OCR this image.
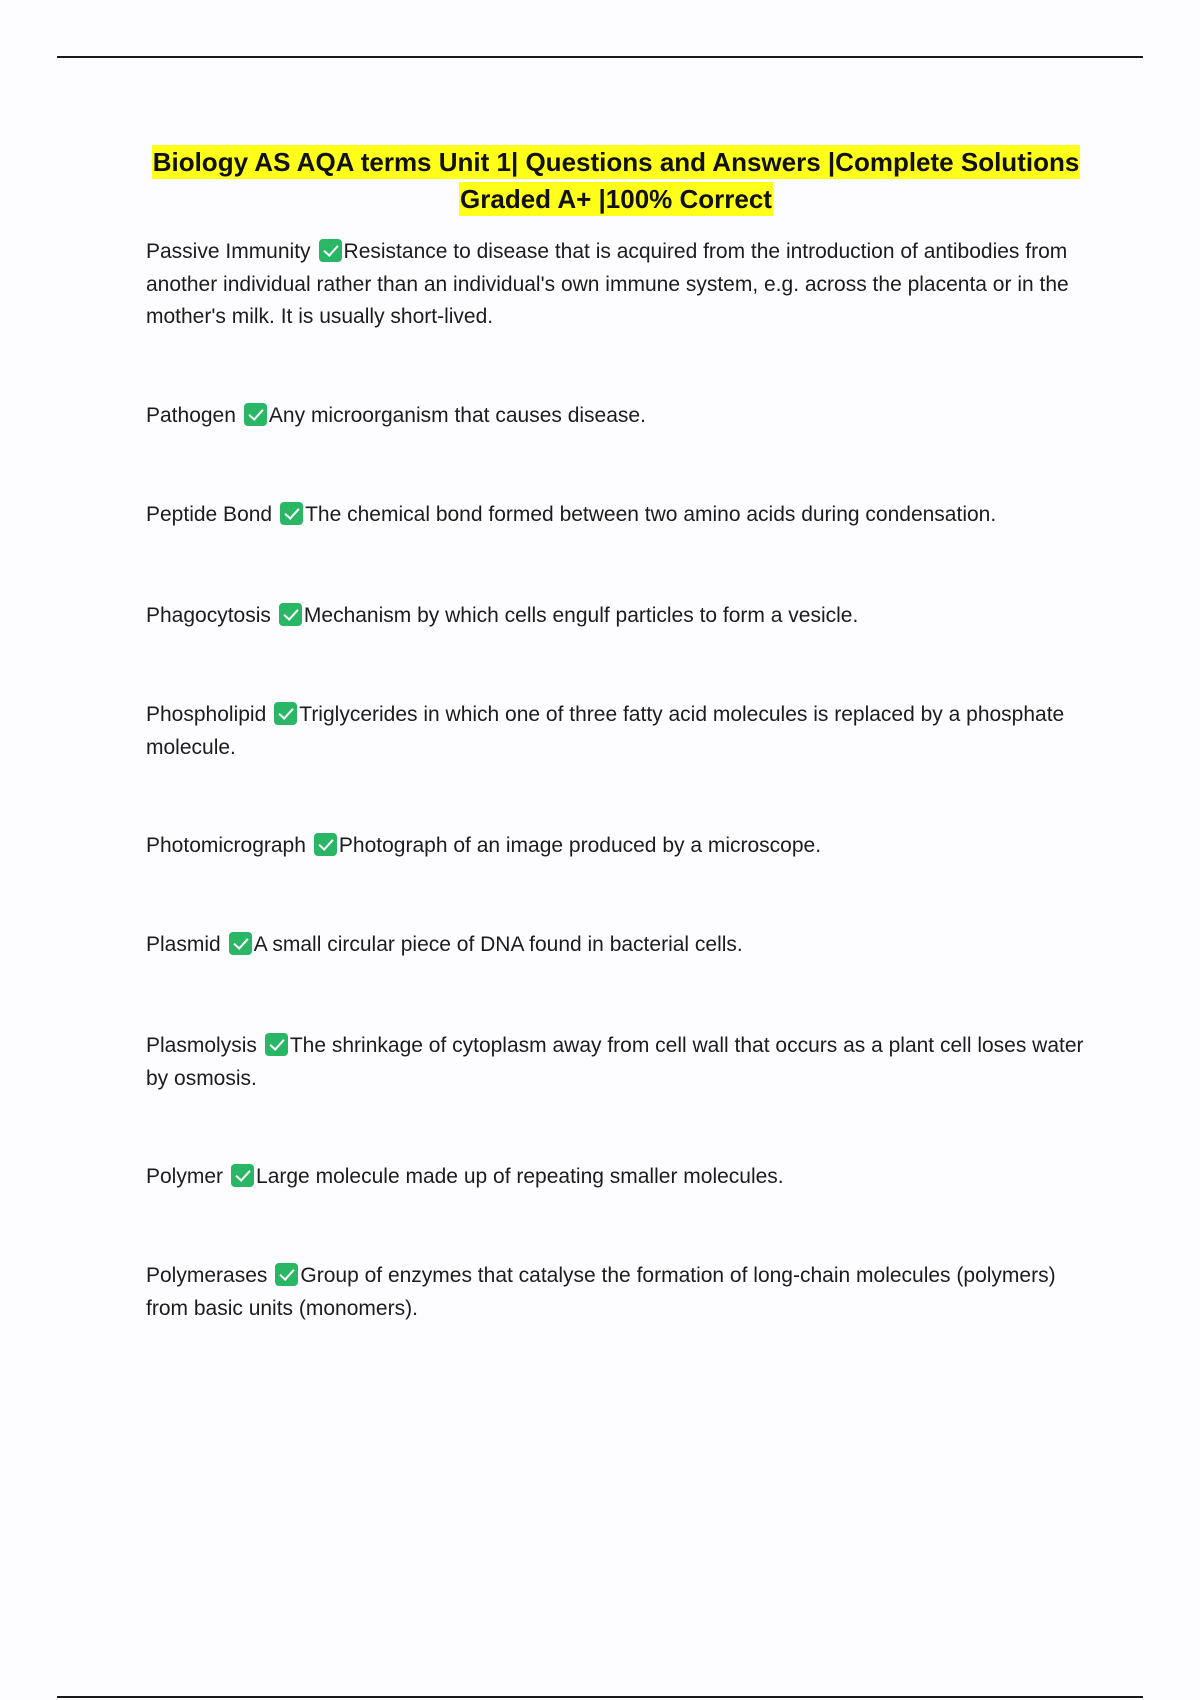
Biology AS AQA terms Unit 1| Questions and Answers |Complete Solutions
Graded A+ |100% Correct
Passive Immunity Resistance to disease that is acquired from the introduction of antibodies from another individual rather than an individual's own immune system, e.g. across the placenta or in the mother's milk. It is usually short-lived.
Pathogen Any microorganism that causes disease.
Peptide Bond The chemical bond formed between two amino acids during condensation.
Phagocytosis Mechanism by which cells engulf particles to form a vesicle.
Phospholipid Triglycerides in which one of three fatty acid molecules is replaced by a phosphate molecule.
Photomicrograph Photograph of an image produced by a microscope.
Plasmid A small circular piece of DNA found in bacterial cells.
Plasmolysis The shrinkage of cytoplasm away from cell wall that occurs as a plant cell loses water by osmosis.
Polymer Large molecule made up of repeating smaller molecules.
Polymerases Group of enzymes that catalyse the formation of long-chain molecules (polymers) from basic units (monomers).
